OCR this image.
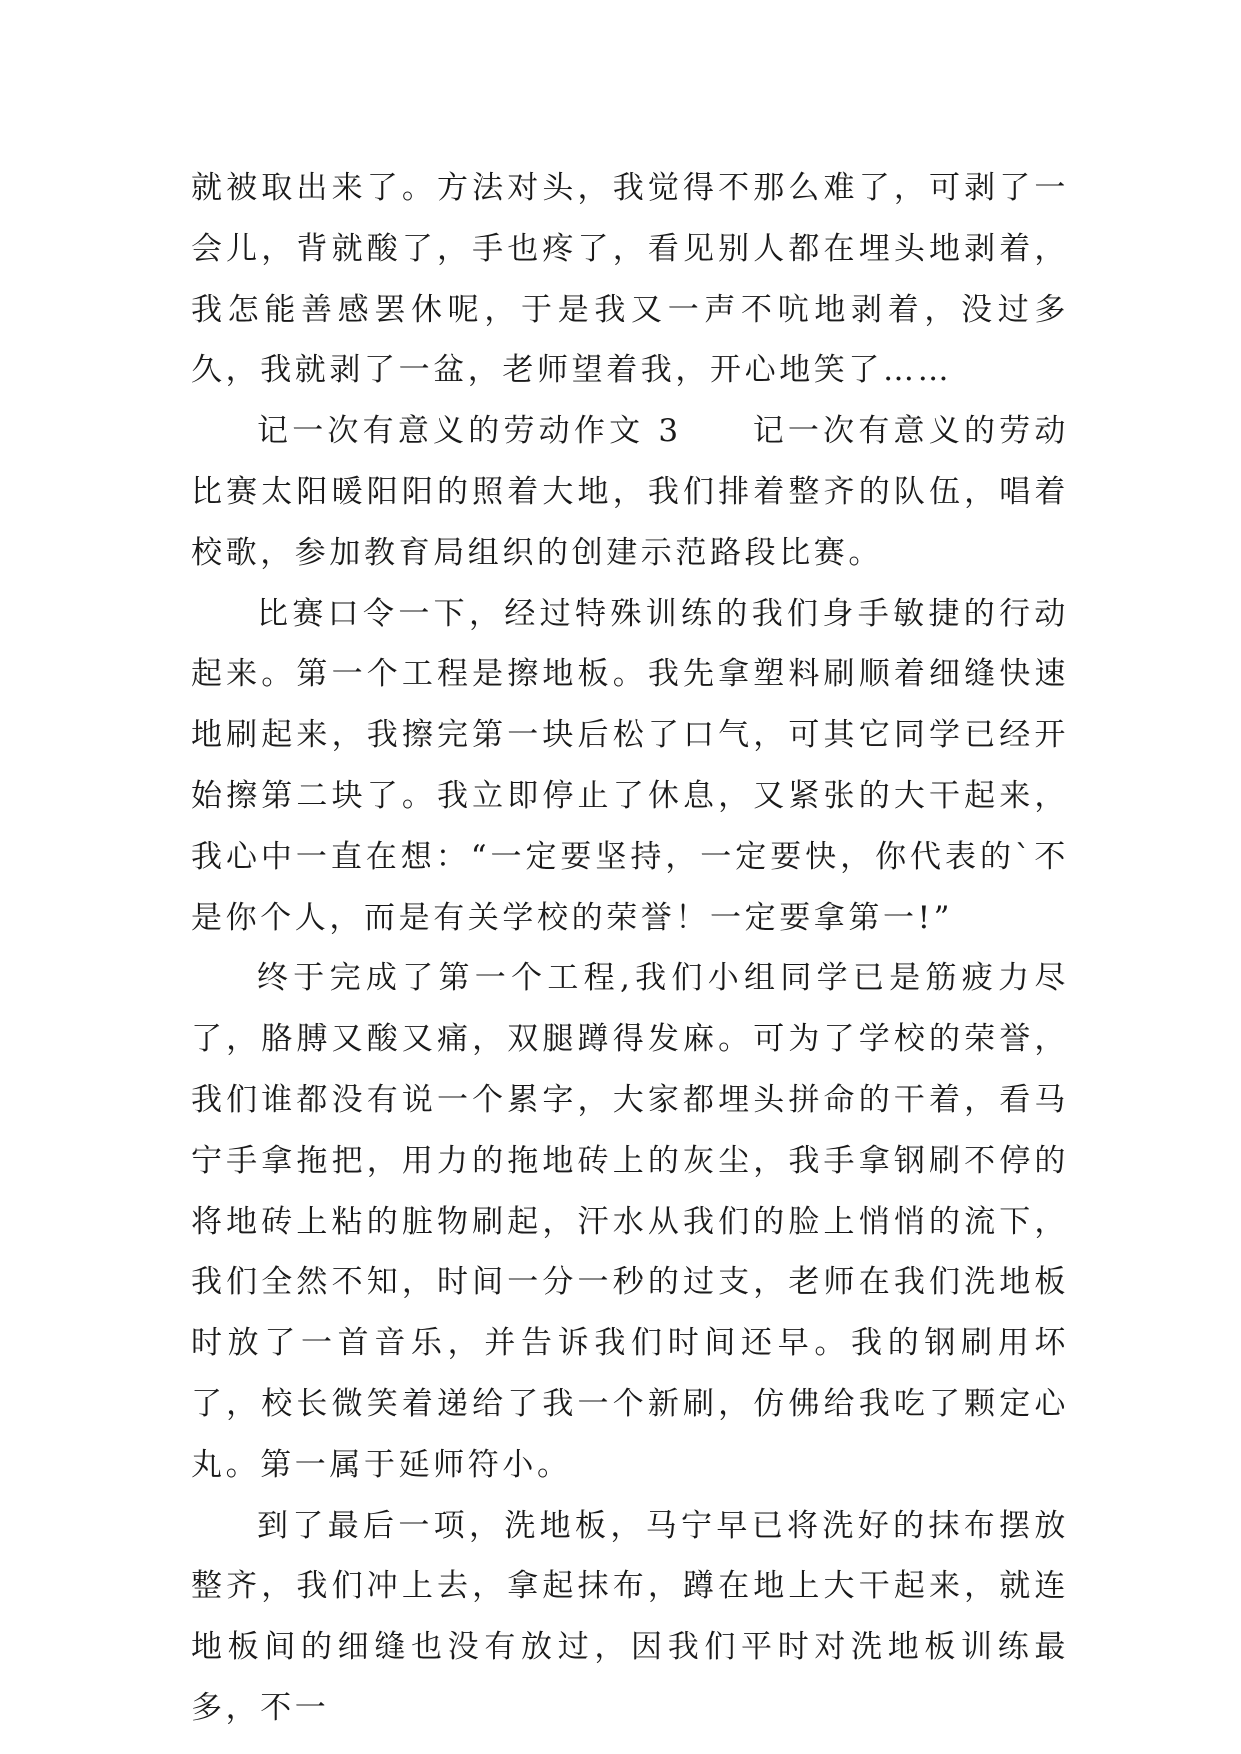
就被取出来了。方法对头，我觉得不那么难了，可剥了一会儿，背就酸了，手也疼了，看见别人都在埋头地剥着，我怎能善感罢休呢，于是我又一声不吭地剥着，没过多久，我就剥了一盆，老师望着我，开心地笑了……

记一次有意义的劳动作文 3　　记一次有意义的劳动比赛太阳暖阳阳的照着大地，我们排着整齐的队伍，唱着校歌，参加教育局组织的创建示范路段比赛。

比赛口令一下，经过特殊训练的我们身手敏捷的行动起来。第一个工程是擦地板。我先拿塑料刷顺着细缝快速地刷起来，我擦完第一块后松了口气，可其它同学已经开始擦第二块了。我立即停止了休息，又紧张的大干起来，我心中一直在想：“一定要坚持，一定要快，你代表的`不是你个人，而是有关学校的荣誉！一定要拿第一!”

终于完成了第一个工程,我们小组同学已是筋疲力尽了，胳膊又酸又痛，双腿蹲得发麻。可为了学校的荣誉，我们谁都没有说一个累字，大家都埋头拼命的干着，看马宁手拿拖把，用力的拖地砖上的灰尘，我手拿钢刷不停的将地砖上粘的脏物刷起，汗水从我们的脸上悄悄的流下，我们全然不知，时间一分一秒的过支，老师在我们洗地板时放了一首音乐，并告诉我们时间还早。我的钢刷用坏了，校长微笑着递给了我一个新刷，仿佛给我吃了颗定心丸。第一属于延师符小。

到了最后一项，洗地板，马宁早已将洗好的抹布摆放整齐，我们冲上去，拿起抹布，蹲在地上大干起来，就连地板间的细缝也没有放过，因我们平时对洗地板训练最多，不一
